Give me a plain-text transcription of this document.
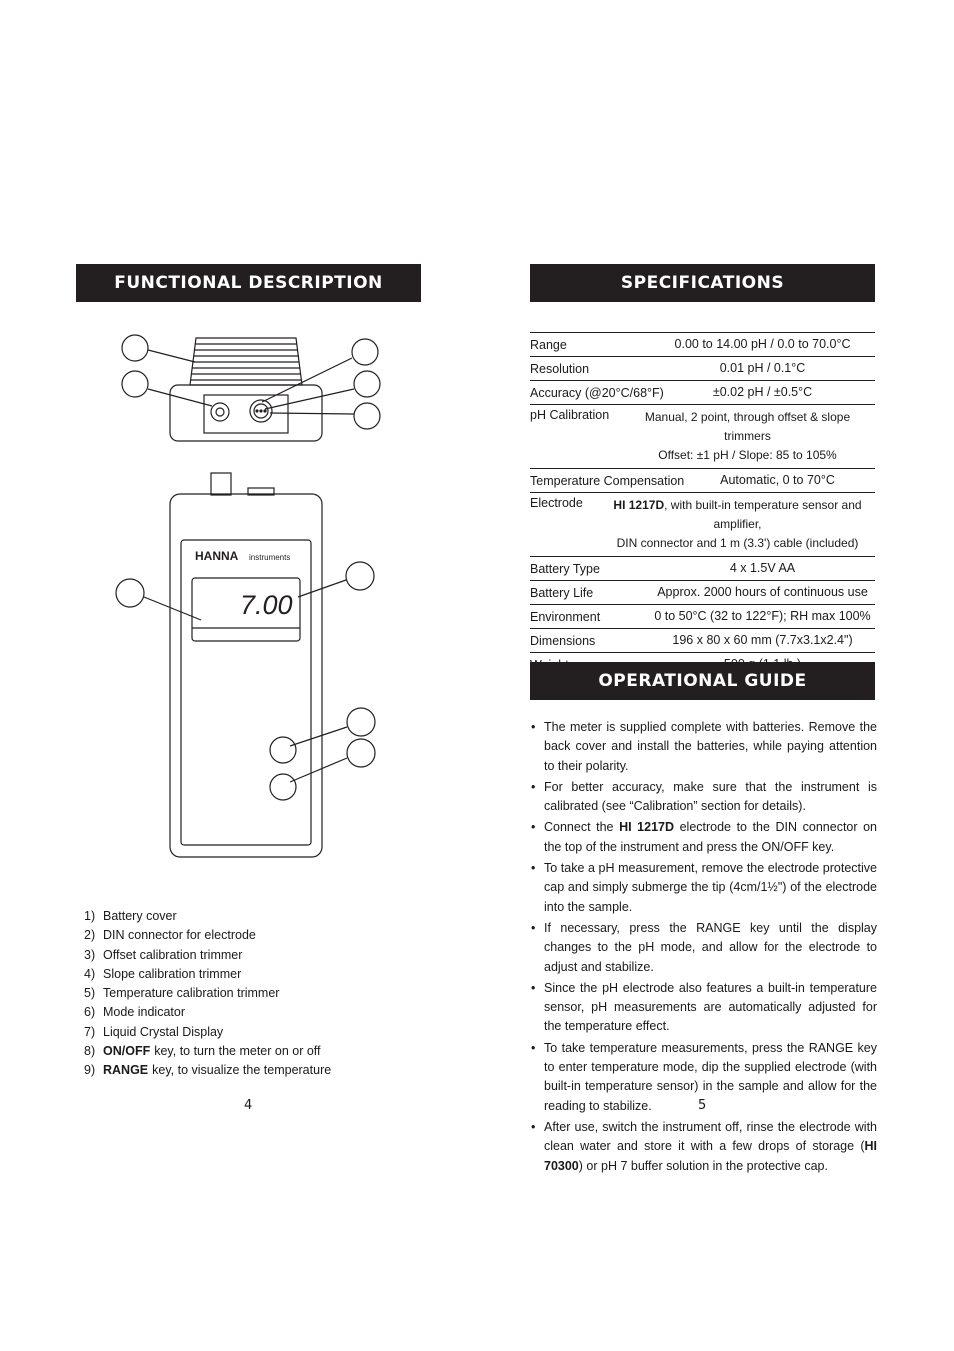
FUNCTIONAL DESCRIPTION
HANNA instruments
7.00
1) Battery cover
2) DIN connector for electrode
3) Offset calibration trimmer
4) Slope calibration trimmer
5) Temperature calibration trimmer
6) Mode indicator
7) Liquid Crystal Display
8) ON/OFF key, to turn the meter on or off
9) RANGE key, to visualize the temperature
4
SPECIFICATIONS
Range	0.00 to 14.00 pH / 0.0 to 70.0°C
Resolution	0.01 pH / 0.1°C
Accuracy (@20°C/68°F)	±0.02 pH / ±0.5°C
pH Calibration	Manual, 2 point, through offset & slope trimmers
Offset: ±1 pH / Slope: 85 to 105%
Temperature Compensation	Automatic, 0 to 70°C
Electrode	HI 1217D, with built-in temperature sensor and amplifier,
DIN connector and 1 m (3.3') cable (included)
Battery Type	4 x 1.5V AA
Battery Life	Approx. 2000 hours of continuous use
Environment	0 to 50°C (32 to 122°F); RH max 100%
Dimensions	196 x 80 x 60 mm (7.7x3.1x2.4")
OPERATIONAL GUIDE
• The meter is supplied complete with batteries. Remove the back cover and install the batteries, while paying attention to their polarity.
• For better accuracy, make sure that the instrument is calibrated (see “Calibration” section for details).
• Connect the HI 1217D electrode to the DIN connector on the top of the instrument and press the ON/OFF key.
• To take a pH measurement, remove the electrode protective cap and simply submerge the tip (4cm/1½") of the electrode into the sample.
• If necessary, press the RANGE key until the display changes to the pH mode, and allow for the electrode to adjust and stabilize.
• Since the pH electrode also features a built-in temperature sensor, pH measurements are automatically adjusted for the temperature effect.
• To take temperature measurements, press the RANGE key to enter temperature mode, dip the supplied electrode (with built-in temperature sensor) in the sample and allow for the reading to stabilize.
• After use, switch the instrument off, rinse the electrode with clean water and store it with a few drops of storage (HI 70300) or pH 7 buffer solution in the protective cap.
5
